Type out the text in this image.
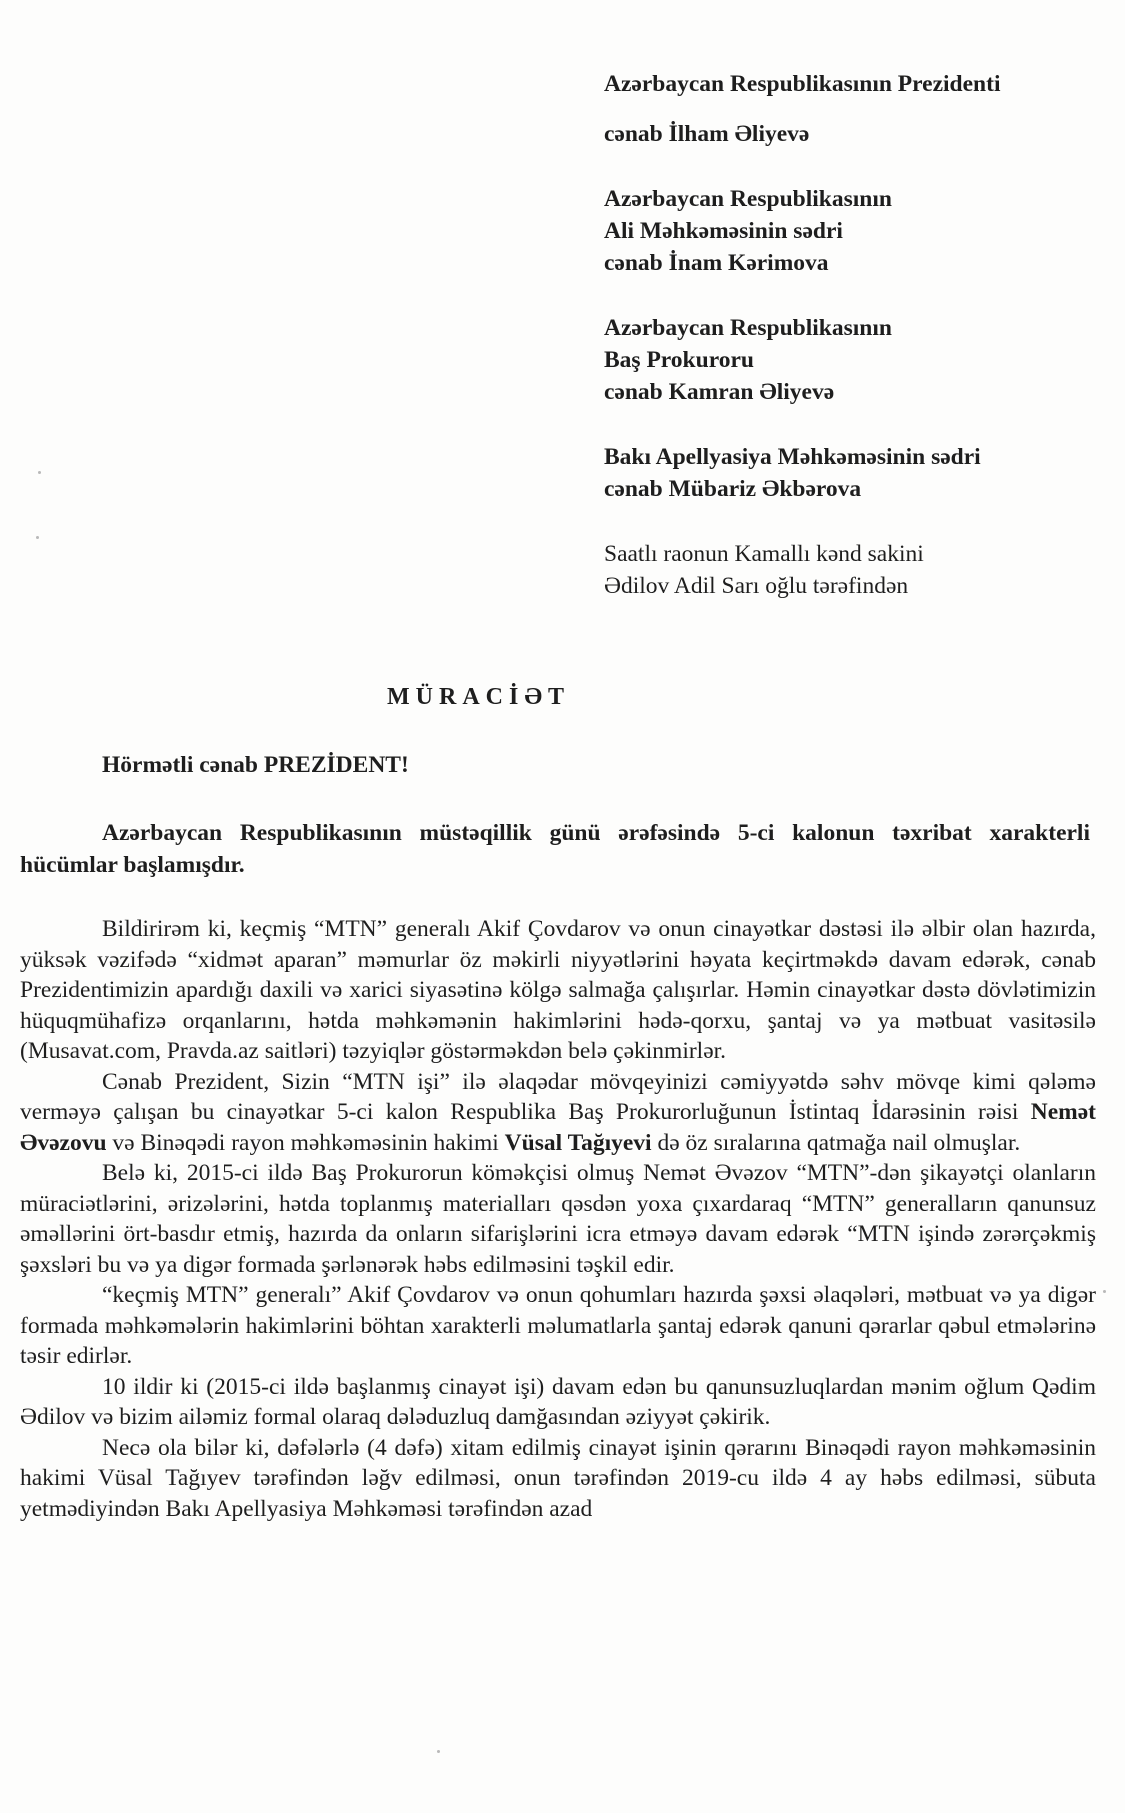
Azərbaycan Respublikasının Prezidenti
cənab İlham Əliyevə
Azərbaycan Respublikasının
Ali Məhkəməsinin sədri
cənab İnam Kərimova
Azərbaycan Respublikasının
Baş Prokuroru
cənab Kamran Əliyevə
Bakı Apellyasiya Məhkəməsinin sədri
cənab Mübariz Əkbərova
Saatlı raonun Kamallı kənd sakini
Ədilov Adil Sarı oğlu tərəfindən
MÜRACİƏT
Hörmətli cənab PREZİDENT!

Azərbaycan Respublikasının müstəqillik günü ərəfəsində 5-ci kalonun təxribat xarakterli hücümlar başlamışdır.

Bildirirəm ki, keçmiş “MTN” generalı Akif Çovdarov və onun cinayətkar dəstəsi ilə əlbir olan hazırda, yüksək vəzifədə “xidmət aparan” məmurlar öz məkirli niyyətlərini həyata keçirtməkdə davam edərək, cənab Prezidentimizin apardığı daxili və xarici siyasətinə kölgə salmağa çalışırlar. Həmin cinayətkar dəstə dövlətimizin hüquqmühafizə orqanlarını, hətda məhkəmənin hakimlərini hədə-qorxu, şantaj və ya mətbuat vasitəsilə (Musavat.com, Pravda.az saitləri) təzyiqlər göstərməkdən belə çəkinmirlər.

Cənab Prezident, Sizin “MTN işi” ilə əlaqədar mövqeyinizi cəmiyyətdə səhv mövqe kimi qələmə verməyə çalışan bu cinayətkar 5-ci kalon Respublika Baş Prokurorluğunun İstintaq İdarəsinin rəisi Nemət Əvəzovu və Binəqədi rayon məhkəməsinin hakimi Vüsal Tağıyevi də öz sıralarına qatmağa nail olmuşlar.

Belə ki, 2015-ci ildə Baş Prokurorun köməkçisi olmuş Nemət Əvəzov “MTN”-dən şikayətçi olanların müraciətlərini, ərizələrini, hətda toplanmış materialları qəsdən yoxa çıxardaraq “MTN” generalların qanunsuz əməllərini ört-basdır etmiş, hazırda da onların sifarişlərini icra etməyə davam edərək “MTN işində zərərçəkmiş şəxsləri bu və ya digər formada şərlənərək həbs edilməsini təşkil edir.

“keçmiş MTN” generalı” Akif Çovdarov və onun qohumları hazırda şəxsi əlaqələri, mətbuat və ya digər formada məhkəmələrin hakimlərini böhtan xarakterli məlumatlarla şantaj edərək qanuni qərarlar qəbul etmələrinə təsir edirlər.

10 ildir ki (2015-ci ildə başlanmış cinayət işi) davam edən bu qanunsuzluqlardan mənim oğlum Qədim Ədilov və bizim ailəmiz formal olaraq dələduzluq damğasından əziyyət çəkirik.

Necə ola bilər ki, dəfələrlə (4 dəfə) xitam edilmiş cinayət işinin qərarını Binəqədi rayon məhkəməsinin hakimi Vüsal Tağıyev tərəfindən ləğv edilməsi, onun tərəfindən 2019-cu ildə 4 ay həbs edilməsi, sübuta yetmədiyindən Bakı Apellyasiya Məhkəməsi tərəfindən azad
